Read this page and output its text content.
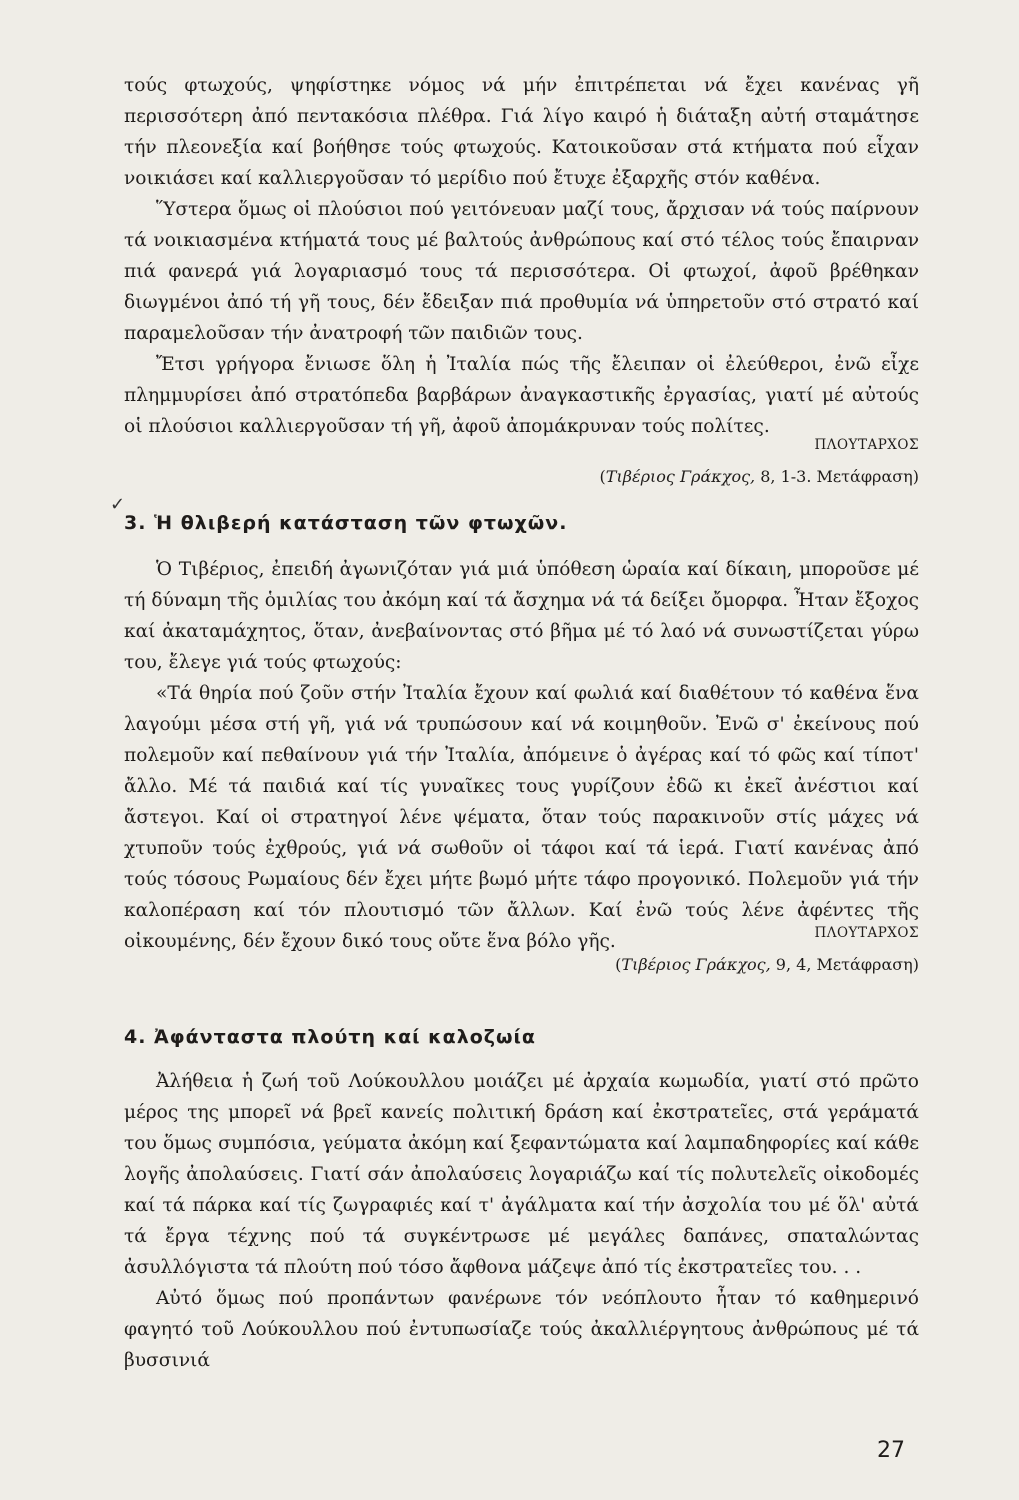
τούς φτωχούς, ψηφίστηκε νόμος νά μήν ἐπιτρέπεται νά ἔχει κανένας γῆ περισσότερη ἀπό πεντακόσια πλέθρα. Γιά λίγο καιρό ἡ διάταξη αὐτή σταμάτησε τήν πλεονεξία καί βοήθησε τούς φτωχούς. Κατοικοῦσαν στά κτήματα πού εἶχαν νοικιάσει καί καλλιεργοῦσαν τό μερίδιο πού ἔτυχε ἐξαρχῆς στόν καθένα.

Ὕστερα ὅμως οἱ πλούσιοι πού γειτόνευαν μαζί τους, ἄρχισαν νά τούς παίρνουν τά νοικιασμένα κτήματά τους μέ βαλτούς ἀνθρώπους καί στό τέλος τούς ἔπαιρναν πιά φανερά γιά λογαριασμό τους τά περισσότερα. Οἱ φτωχοί, ἀφοῦ βρέθηκαν διωγμένοι ἀπό τή γῆ τους, δέν ἔδειξαν πιά προθυμία νά ὑπηρετοῦν στό στρατό καί παραμελοῦσαν τήν ἀνατροφή τῶν παιδιῶν τους.

Ἔτσι γρήγορα ἔνιωσε ὅλη ἡ Ἰταλία πώς τῆς ἔλειπαν οἱ ἐλεύθεροι, ἐνῶ εἶχε πλημμυρίσει ἀπό στρατόπεδα βαρβάρων ἀναγκαστικῆς ἐργασίας, γιατί μέ αὐτούς οἱ πλούσιοι καλλιεργοῦσαν τή γῆ, ἀφοῦ ἀπομάκρυναν τούς πολίτες.

ΠΛΟΥΤΑΡΧΟΣ
(Τιβέριος Γράκχος, 8, 1-3. Μετάφραση)
✓
3. Ἡ θλιβερή κατάσταση τῶν φτωχῶν.

Ὁ Τιβέριος, ἐπειδή ἀγωνιζόταν γιά μιά ὑπόθεση ὡραία καί δίκαιη, μποροῦσε μέ τή δύναμη τῆς ὁμιλίας του ἀκόμη καί τά ἄσχημα νά τά δείξει ὄμορφα. Ἦταν ἔξοχος καί ἀκαταμάχητος, ὅταν, ἀνεβαίνοντας στό βῆμα μέ τό λαό νά συνωστίζεται γύρω του, ἔλεγε γιά τούς φτωχούς:

«Τά θηρία πού ζοῦν στήν Ἰταλία ἔχουν καί φωλιά καί διαθέτουν τό καθένα ἕνα λαγούμι μέσα στή γῆ, γιά νά τρυπώσουν καί νά κοιμηθοῦν. Ἐνῶ σ' ἐκείνους πού πολεμοῦν καί πεθαίνουν γιά τήν Ἰταλία, ἀπόμεινε ὁ ἀγέρας καί τό φῶς καί τίποτ' ἄλλο. Μέ τά παιδιά καί τίς γυναῖκες τους γυρίζουν ἐδῶ κι ἐκεῖ ἀνέστιοι καί ἄστεγοι. Καί οἱ στρατηγοί λένε ψέματα, ὅταν τούς παρακινοῦν στίς μάχες νά χτυποῦν τούς ἐχθρούς, γιά νά σωθοῦν οἱ τάφοι καί τά ἱερά. Γιατί κανένας ἀπό τούς τόσους Ρωμαίους δέν ἔχει μήτε βωμό μήτε τάφο προγονικό. Πολεμοῦν γιά τήν καλοπέραση καί τόν πλουτισμό τῶν ἄλλων. Καί ἐνῶ τούς λένε ἀφέντες τῆς οἰκουμένης, δέν ἔχουν δικό τους οὔτε ἕνα βόλο γῆς.	ΠΛΟΥΤΑΡΧΟΣ
(Τιβέριος Γράκχος, 9, 4, Μετάφραση)
4. Ἀφάνταστα πλούτη καί καλοζωία

Ἀλήθεια ἡ ζωή τοῦ Λούκουλλου μοιάζει μέ ἀρχαία κωμωδία, γιατί στό πρῶτο μέρος της μπορεῖ νά βρεῖ κανείς πολιτική δράση καί ἐκστρατεῖες, στά γεράματά του ὅμως συμπόσια, γεύματα ἀκόμη καί ξεφαντώματα καί λαμπαδηφορίες καί κάθε λογῆς ἀπολαύσεις. Γιατί σάν ἀπολαύσεις λογαριάζω καί τίς πολυτελεῖς οἰκοδομές καί τά πάρκα καί τίς ζωγραφιές καί τ' ἀγάλματα καί τήν ἀσχολία του μέ ὅλ' αὐτά τά ἔργα τέχνης πού τά συγκέντρωσε μέ μεγάλες δαπάνες, σπαταλώντας ἀσυλλόγιστα τά πλούτη πού τόσο ἄφθονα μάζεψε ἀπό τίς ἐκστρατεῖες του. . .

Αὐτό ὅμως πού προπάντων φανέρωνε τόν νεόπλουτο ἦταν τό καθημερινό φαγητό τοῦ Λούκουλλου πού ἐντυπωσίαζε τούς ἀκαλλιέργητους ἀνθρώπους μέ τά βυσσινιά

27
